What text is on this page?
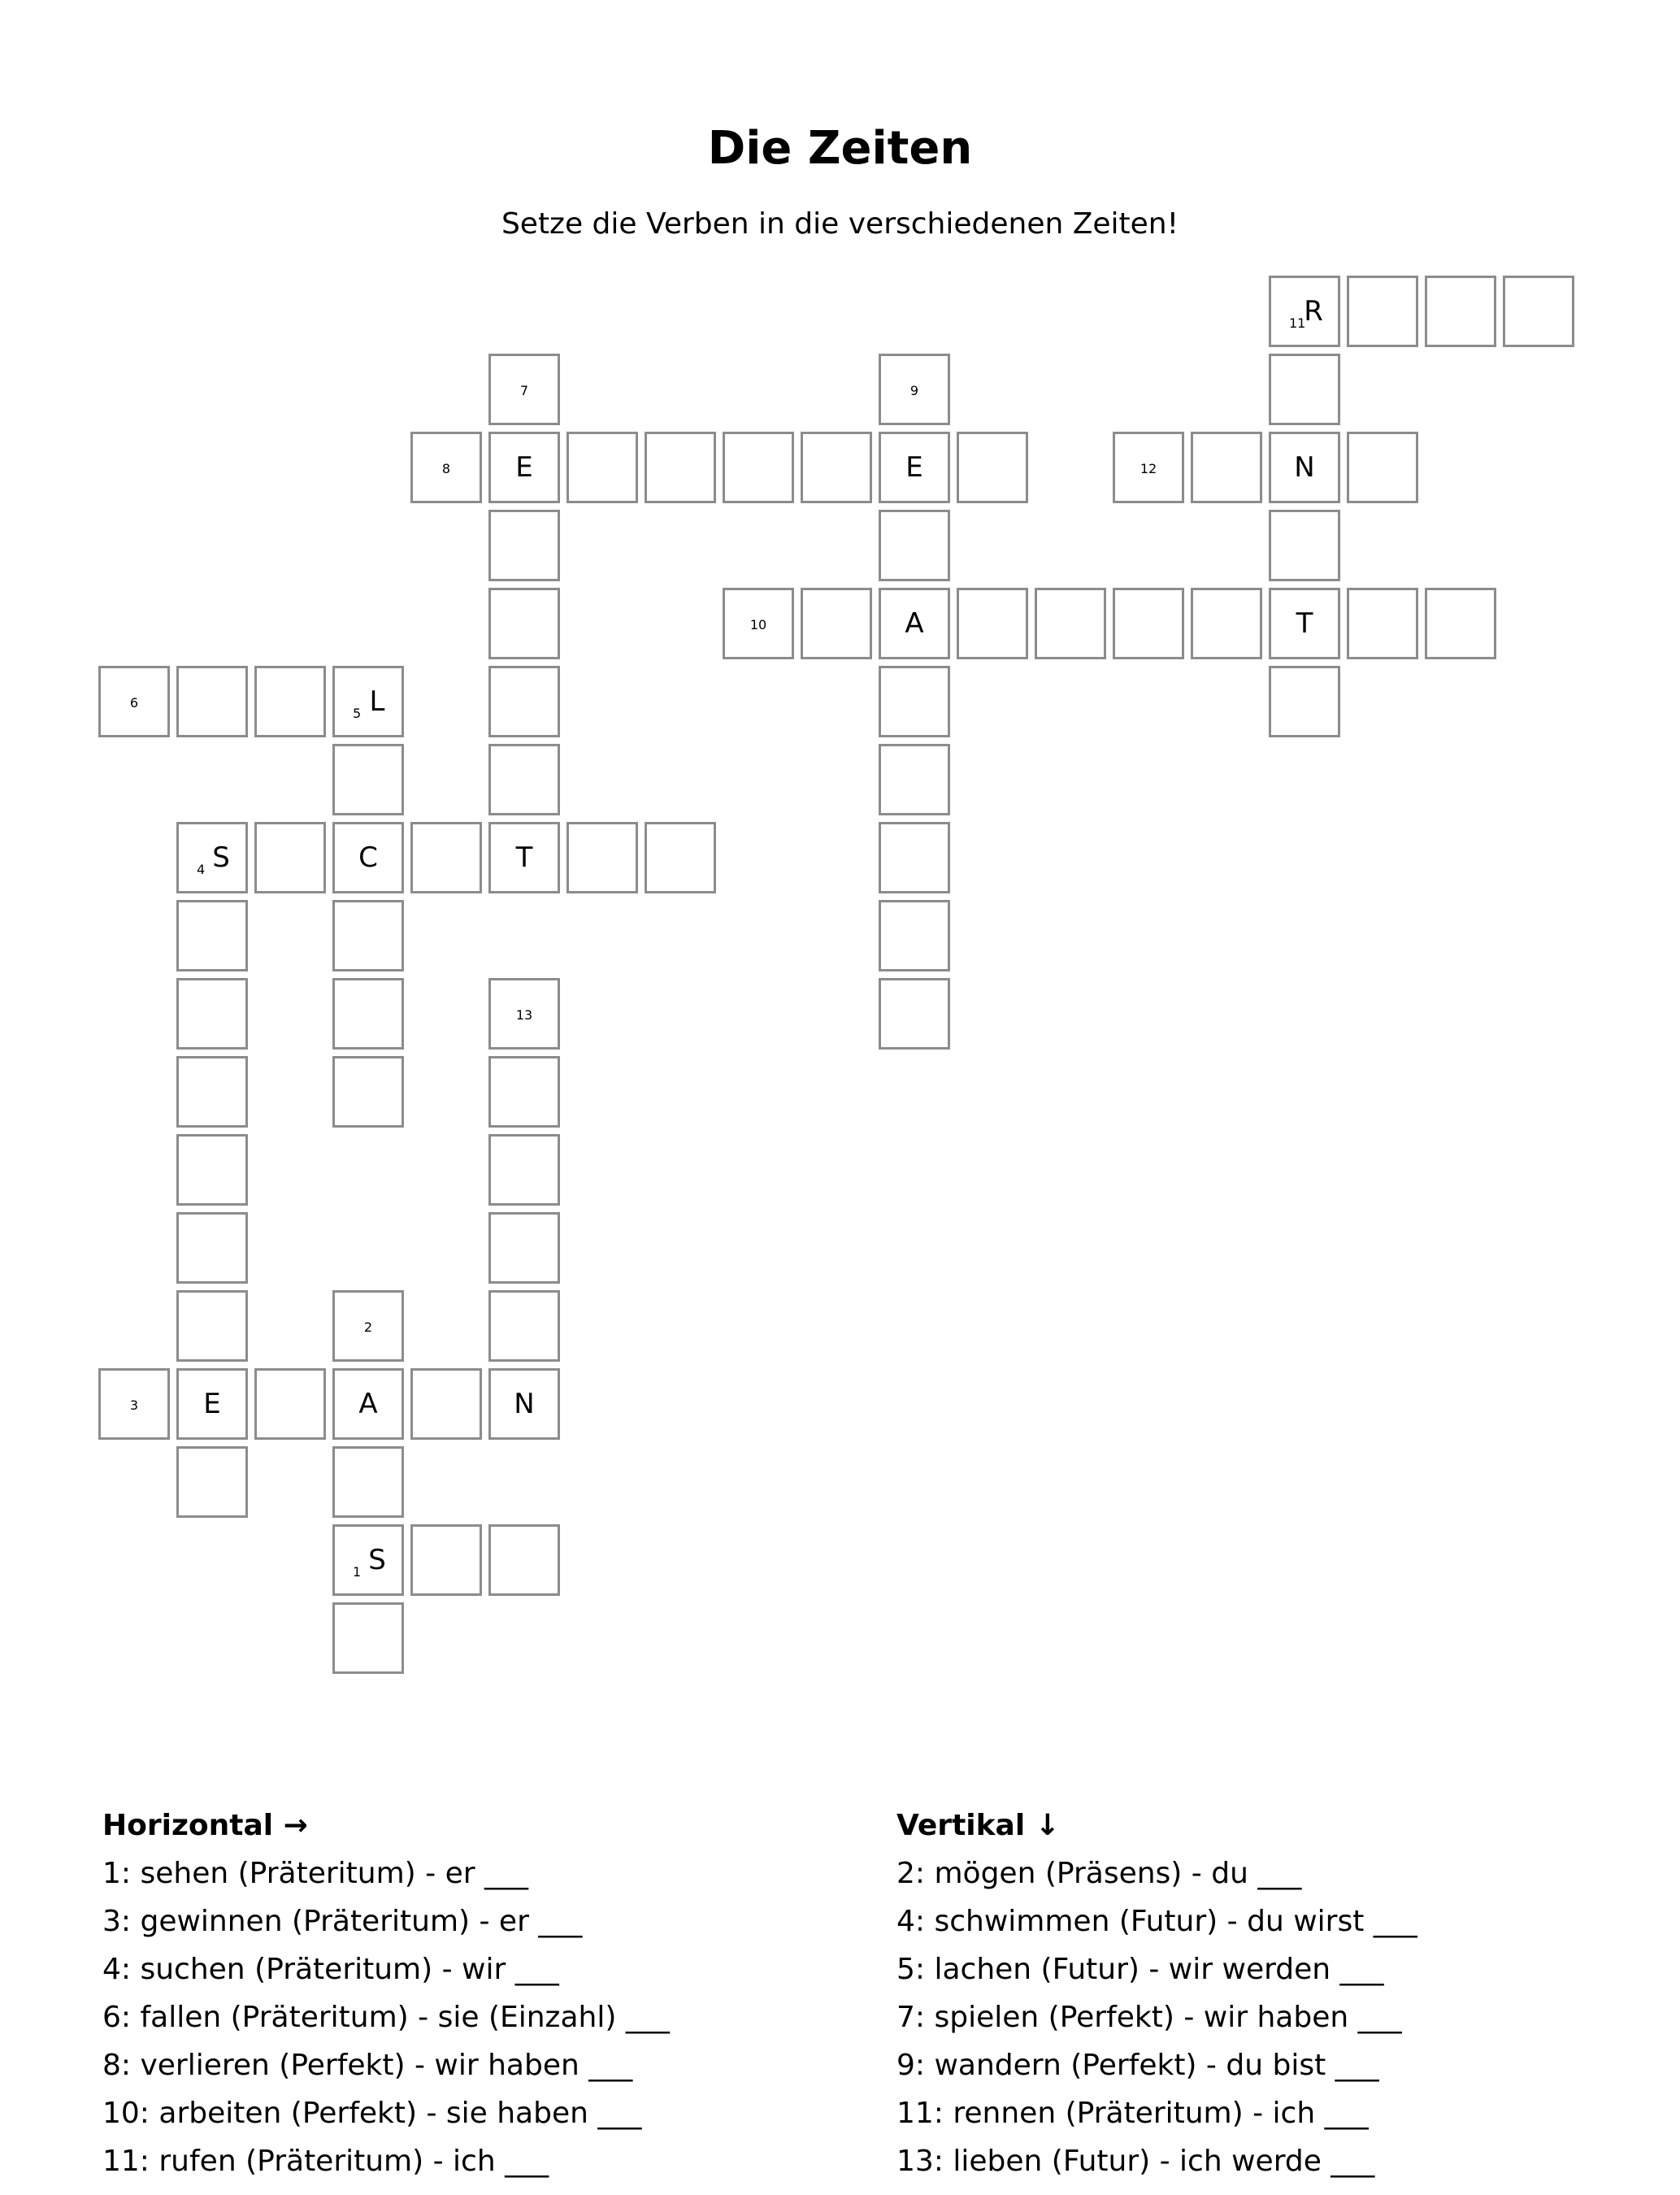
Die Zeiten
Setze die Verben in die verschiedenen Zeiten!
11
R
7	9
8	E	E	12	N
10	A	T
6
5 L
4 S	C	T
13
2
3	E	A	N
1 S
Horizontal →
1: sehen (Präteritum) - er ___
3: gewinnen (Präteritum) - er ___
4: suchen (Präteritum) - wir ___
6: fallen (Präteritum) - sie (Einzahl) ___
8: verlieren (Perfekt) - wir haben ___
10: arbeiten (Perfekt) - sie haben ___
11: rufen (Präteritum) - ich ___
Vertikal ↓
2: mögen (Präsens) - du ___
4: schwimmen (Futur) - du wirst ___
5: lachen (Futur) - wir werden ___
7: spielen (Perfekt) - wir haben ___
9: wandern (Perfekt) - du bist ___
11: rennen (Präteritum) - ich ___
13: lieben (Futur) - ich werde ___
